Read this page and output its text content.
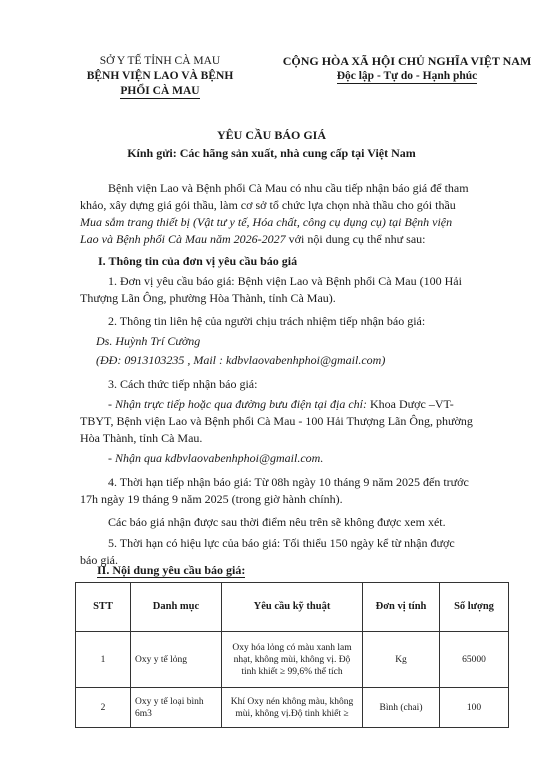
SỞ Y TẾ TỈNH CÀ MAU
BỆNH VIỆN LAO VÀ BỆNH
PHỔI CÀ MAU
CỘNG HÒA XÃ HỘI CHỦ NGHĨA VIỆT NAM
Độc lập - Tự do - Hạnh phúc
YÊU CẦU BÁO GIÁ
Kính gửi: Các hãng sản xuất, nhà cung cấp tại Việt Nam
Bệnh viện Lao và Bệnh phổi Cà Mau có nhu cầu tiếp nhận báo giá để tham khảo, xây dựng giá gói thầu, làm cơ sở tổ chức lựa chọn nhà thầu cho gói thầu Mua sắm trang thiết bị (Vật tư y tế, Hóa chất, công cụ dụng cụ) tại Bệnh viện Lao và Bệnh phổi Cà Mau năm 2026-2027 với nội dung cụ thể như sau:
I. Thông tin của đơn vị yêu cầu báo giá
1. Đơn vị yêu cầu báo giá: Bệnh viện Lao và Bệnh phổi Cà Mau (100 Hải Thượng Lãn Ông, phường Hòa Thành, tỉnh Cà Mau).
2. Thông tin liên hệ của người chịu trách nhiệm tiếp nhận báo giá:
Ds. Huỳnh Trí Cường
(ĐĐ: 0913103235 , Mail : kdbvlaovabenhphoi@gmail.com)
3. Cách thức tiếp nhận báo giá:
- Nhận trực tiếp hoặc qua đường bưu điện tại địa chỉ: Khoa Dược –VT-TBYT, Bệnh viện Lao và Bệnh phổi Cà Mau - 100 Hải Thượng Lãn Ông, phường Hòa Thành, tỉnh Cà Mau.
- Nhận qua kdbvlaovabenhphoi@gmail.com.
4. Thời hạn tiếp nhận báo giá: Từ 08h ngày 10 tháng 9 năm 2025 đến trước 17h ngày 19 tháng 9 năm 2025 (trong giờ hành chính).
Các báo giá nhận được sau thời điểm nêu trên sẽ không được xem xét.
5. Thời hạn có hiệu lực của báo giá: Tối thiểu 150 ngày kể từ nhận được báo giá.
II. Nội dung yêu cầu báo giá:
STT	Danh mục	Yêu cầu kỹ thuật	Đơn vị tính	Số lượng
1	Oxy y tế lỏng	Oxy hóa lỏng có màu xanh lam nhạt, không mùi, không vị. Độ tinh khiết ≥ 99,6% thể tích	Kg	65000
2	Oxy y tế loại bình 6m3	Khí Oxy nén không màu, không mùi, không vị.Độ tinh khiết ≥	Bình (chai)	100
